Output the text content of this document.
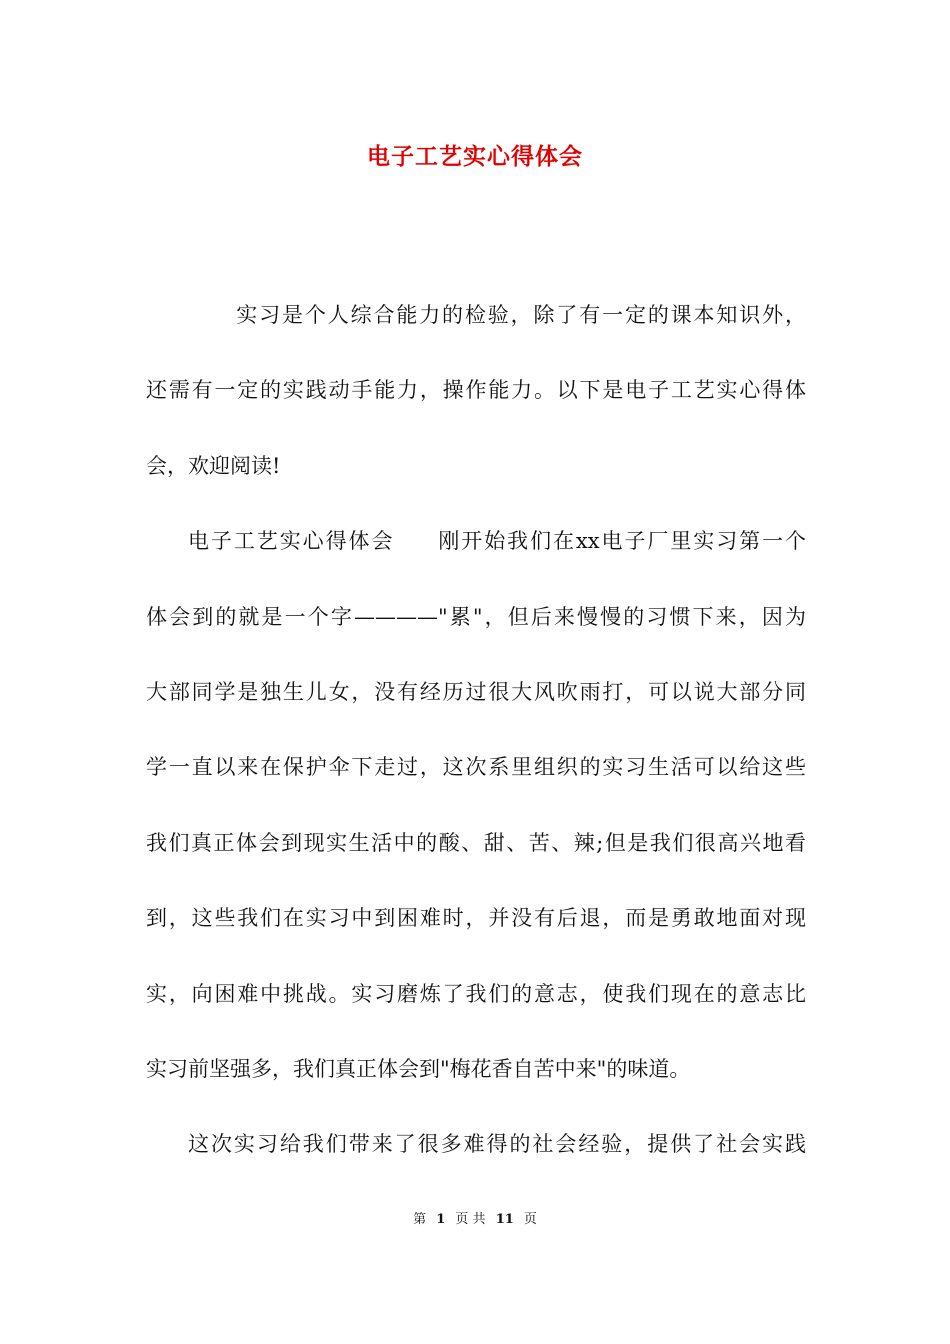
电子工艺实心得体会

实习是个人综合能力的检验，除了有一定的课本知识外，
还需有一定的实践动手能力，操作能力。以下是电子工艺实心得体
会，欢迎阅读!

电子工艺实心得体会 刚开始我们在xx电子厂里实习第一个
体会到的就是一个字————"累"，但后来慢慢的习惯下来，因为
大部同学是独生儿女，没有经历过很大风吹雨打，可以说大部分同
学一直以来在保护伞下走过，这次系里组织的实习生活可以给这些
我们真正体会到现实生活中的酸、甜、苦、辣;但是我们很高兴地看
到，这些我们在实习中到困难时，并没有后退，而是勇敢地面对现
实，向困难中挑战。实习磨炼了我们的意志，使我们现在的意志比
实习前坚强多，我们真正体会到"梅花香自苦中来"的味道。

这次实习给我们带来了很多难得的社会经验，提供了社会实践

第 1 页 共 11 页
